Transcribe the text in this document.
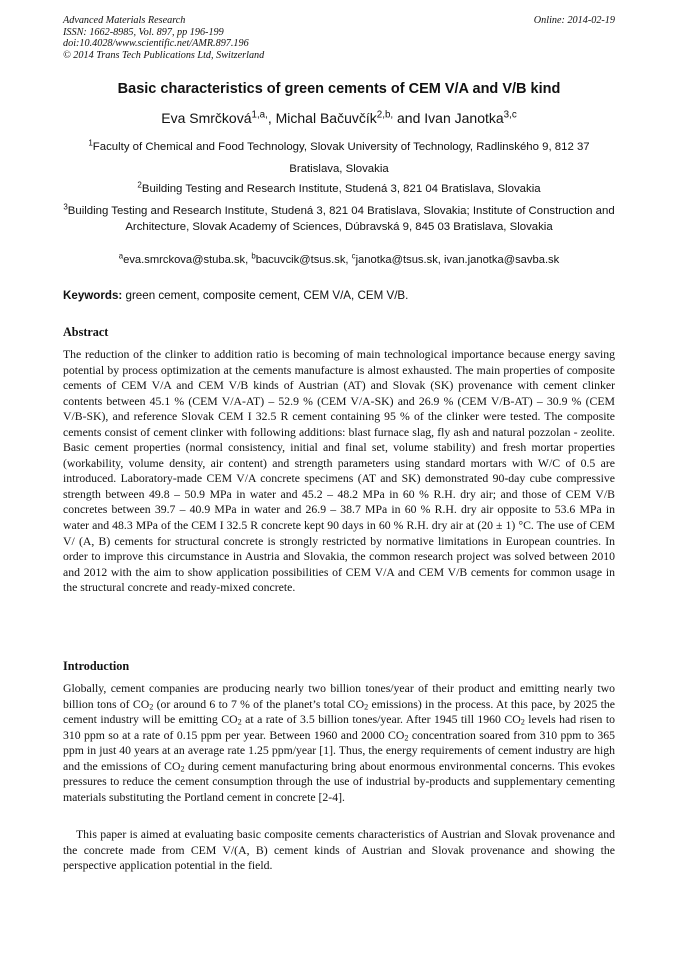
Advanced Materials Research
ISSN: 1662-8985, Vol. 897, pp 196-199
doi:10.4028/www.scientific.net/AMR.897.196
© 2014 Trans Tech Publications Ltd, Switzerland
Online: 2014-02-19
Basic characteristics of green cements of CEM V/A and V/B kind
Eva Smrčková$^{1,a,}$, Michal Bačuvčík$^{2,b,}$ and Ivan Janotka$^{3,c}$
$^1$Faculty of Chemical and Food Technology, Slovak University of Technology, Radlinského 9, 812 37 Bratislava, Slovakia
$^2$Building Testing and Research Institute, Studená 3, 821 04 Bratislava, Slovakia
$^3$Building Testing and Research Institute, Studená 3, 821 04 Bratislava, Slovakia; Institute of Construction and Architecture, Slovak Academy of Sciences, Dúbravská 9, 845 03 Bratislava, Slovakia
$^a$eva.smrckova@stuba.sk, $^b$bacuvcik@tsus.sk, $^c$janotka@tsus.sk, ivan.janotka@savba.sk
Keywords: green cement, composite cement, CEM V/A, CEM V/B.
Abstract
The reduction of the clinker to addition ratio is becoming of main technological importance because energy saving potential by process optimization at the cements manufacture is almost exhausted. The main properties of composite cements of CEM V/A and CEM V/B kinds of Austrian (AT) and Slovak (SK) provenance with cement clinker contents between 45.1 % (CEM V/A-AT) – 52.9 % (CEM V/A-SK) and 26.9 % (CEM V/B-AT) – 30.9 % (CEM V/B-SK), and reference Slovak CEM I 32.5 R cement containing 95 % of the clinker were tested. The composite cements consist of cement clinker with following additions: blast furnace slag, fly ash and natural pozzolan - zeolite. Basic cement properties (normal consistency, initial and final set, volume stability) and fresh mortar properties (workability, volume density, air content) and strength parameters using standard mortars with W/C of 0.5 are introduced. Laboratory-made CEM V/A concrete specimens (AT and SK) demonstrated 90-day cube compressive strength between 49.8 – 50.9 MPa in water and 45.2 – 48.2 MPa in 60 % R.H. dry air; and those of CEM V/B concretes between 39.7 – 40.9 MPa in water and 26.9 – 38.7 MPa in 60 % R.H. dry air opposite to 53.6 MPa in water and 48.3 MPa of the CEM I 32.5 R concrete kept 90 days in 60 % R.H. dry air at (20 ± 1) °C. The use of CEM V/ (A, B) cements for structural concrete is strongly restricted by normative limitations in European countries. In order to improve this circumstance in Austria and Slovakia, the common research project was solved between 2010 and 2012 with the aim to show application possibilities of CEM V/A and CEM V/B cements for common usage in the structural concrete and ready-mixed concrete.
Introduction
Globally, cement companies are producing nearly two billion tones/year of their product and emitting nearly two billion tons of $CO_2$ (or around 6 to 7 % of the planet’s total $CO_2$ emissions) in the process. At this pace, by 2025 the cement industry will be emitting $CO_2$ at a rate of 3.5 billion tones/year. After 1945 till 1960 $CO_2$ levels had risen to 310 ppm so at a rate of 0.15 ppm per year. Between 1960 and 2000 $CO_2$ concentration soared from 310 ppm to 365 ppm in just 40 years at an average rate 1.25 ppm/year [1]. Thus, the energy requirements of cement industry are high and the emissions of $CO_2$ during cement manufacturing bring about enormous environmental concerns. This evokes pressures to reduce the cement consumption through the use of industrial by-products and supplementary cementing materials substituting the Portland cement in concrete [2-4].
This paper is aimed at evaluating basic composite cements characteristics of Austrian and Slovak provenance and the concrete made from CEM V/(A, B) cement kinds of Austrian and Slovak provenance and showing the perspective application potential in the field.
